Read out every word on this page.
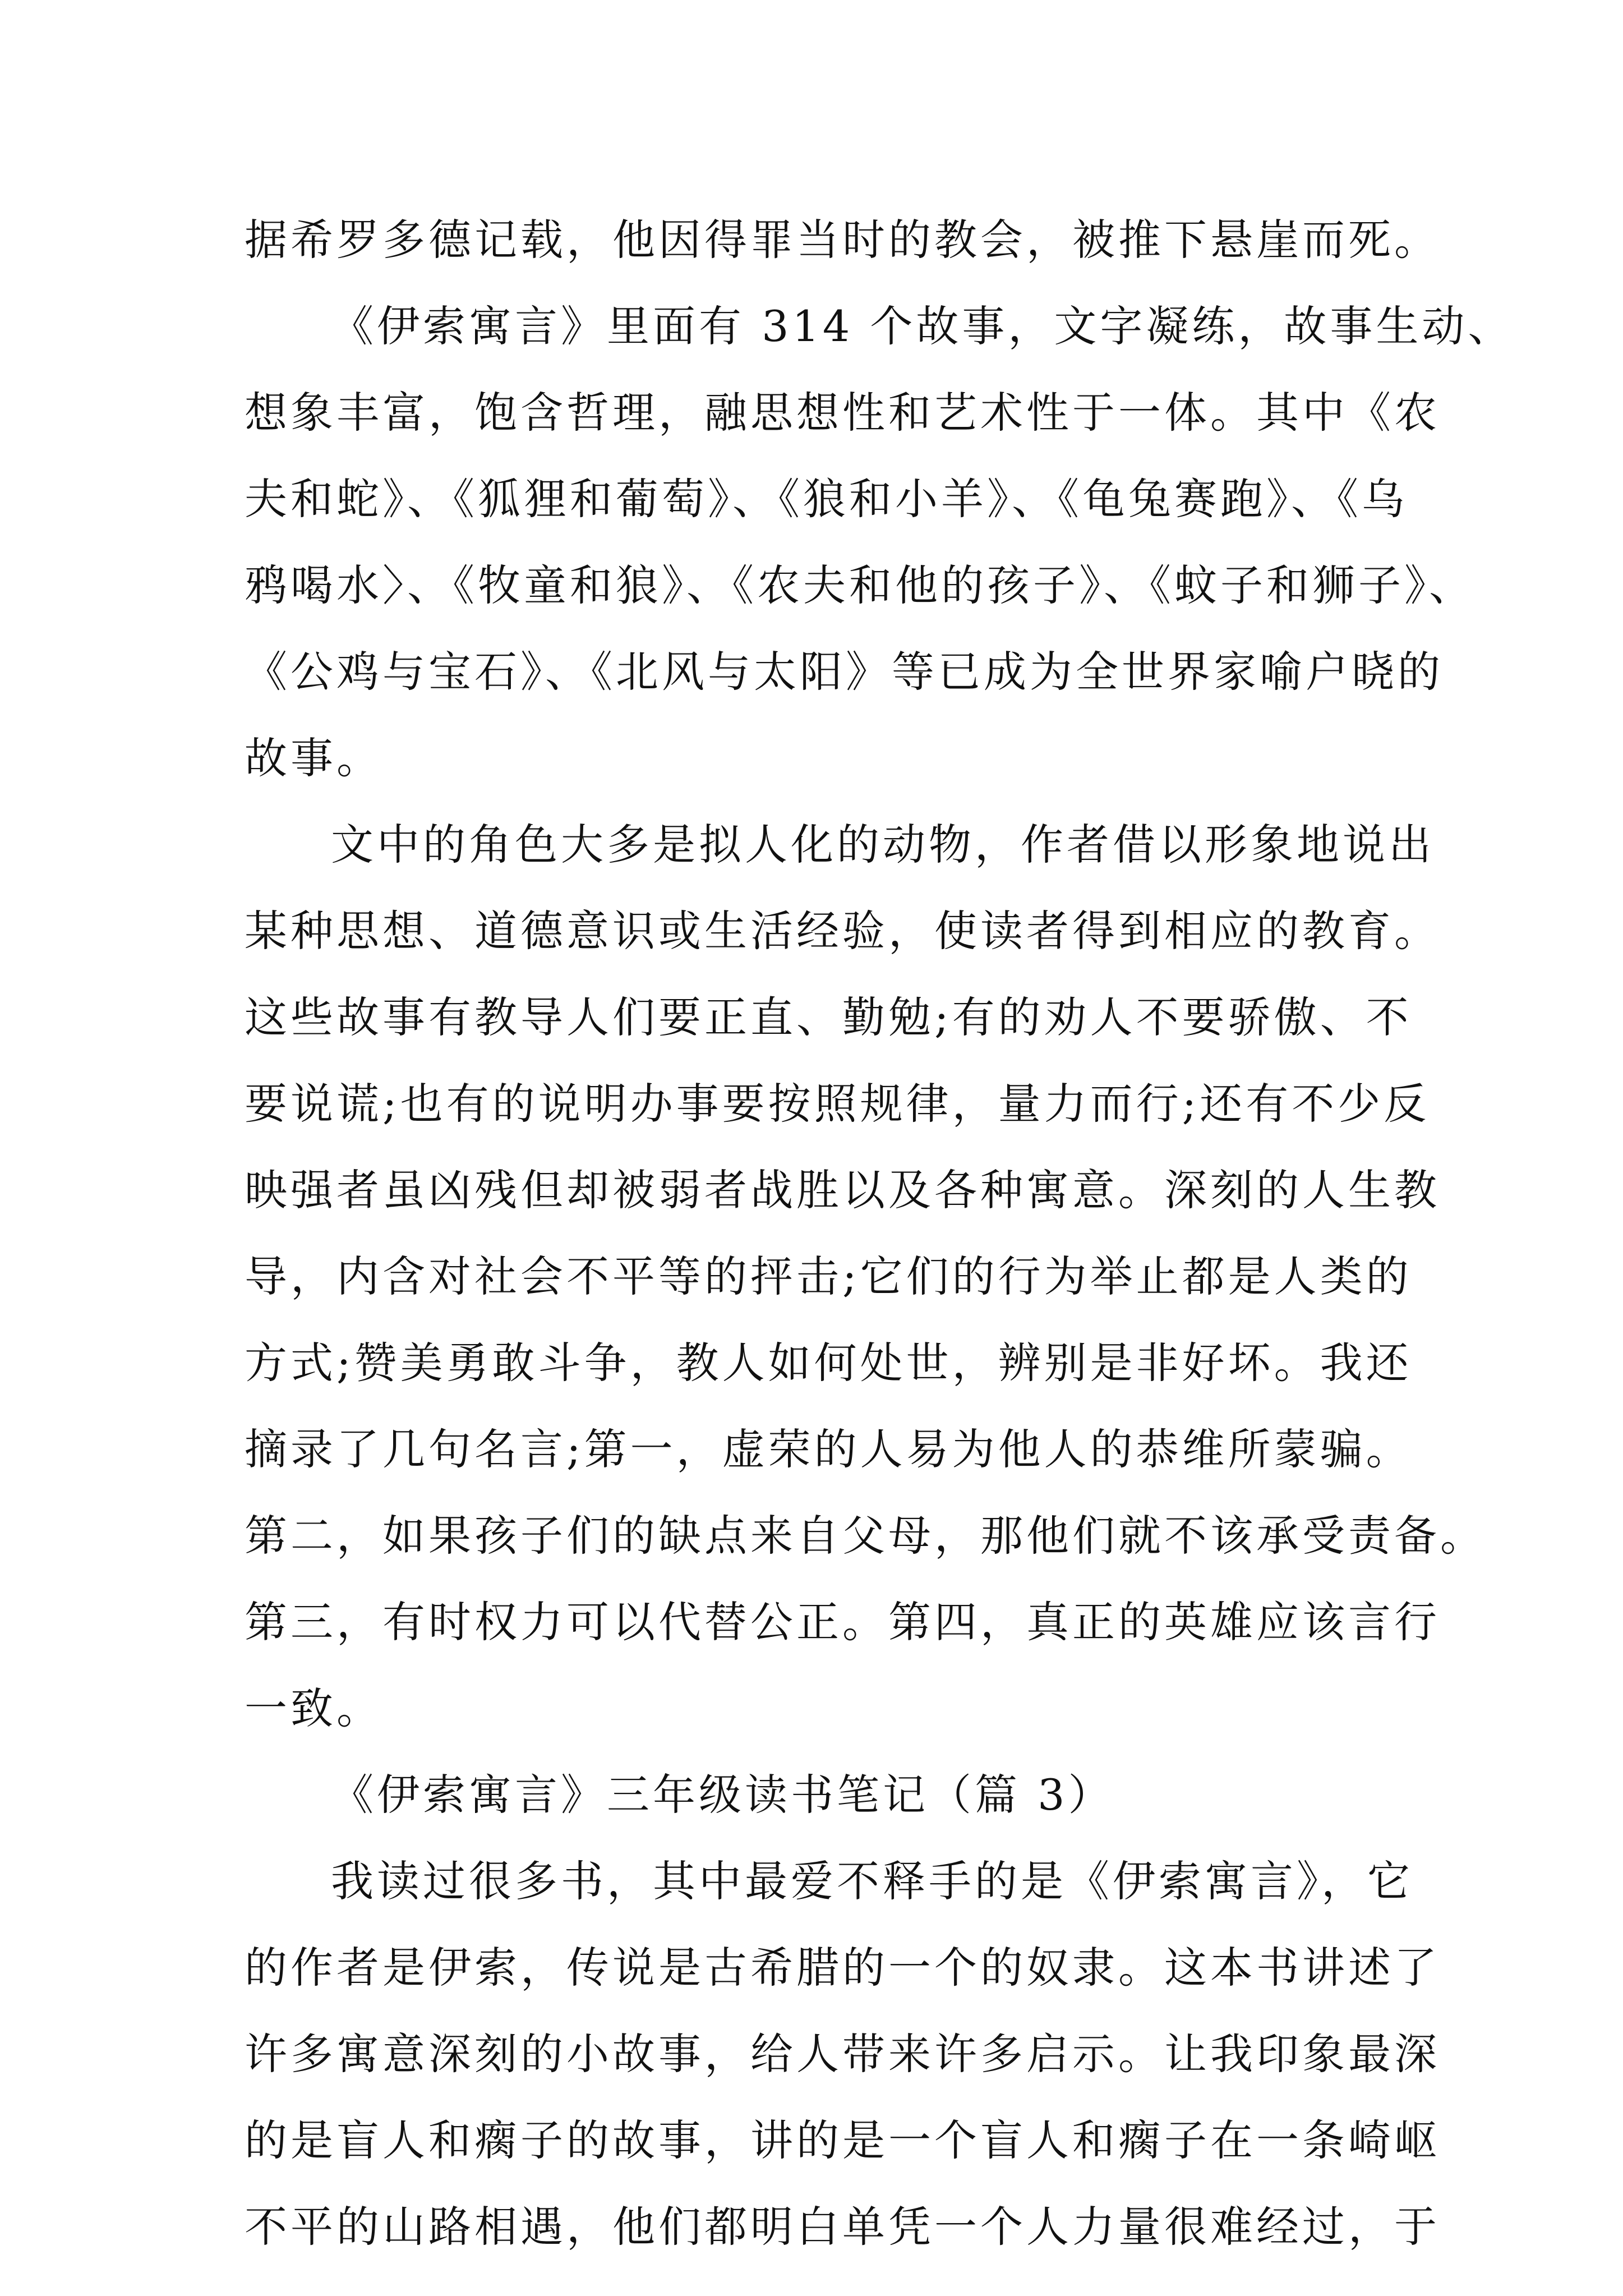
据希罗多德记载，他因得罪当时的教会，被推下悬崖而死。
《伊索寓言》里面有 314 个故事，文字凝练，故事生动、
想象丰富，饱含哲理，融思想性和艺术性于一体。其中《农
夫和蛇》、《狐狸和葡萄》、《狼和小羊》、《龟兔赛跑》、《乌
鸦喝水〉、《牧童和狼》、《农夫和他的孩子》、《蚊子和狮子》、
《公鸡与宝石》、《北风与太阳》等已成为全世界家喻户晓的
故事。
文中的角色大多是拟人化的动物，作者借以形象地说出
某种思想、道德意识或生活经验，使读者得到相应的教育。
这些故事有教导人们要正直、勤勉;有的劝人不要骄傲、不
要说谎;也有的说明办事要按照规律，量力而行;还有不少反
映强者虽凶残但却被弱者战胜以及各种寓意。深刻的人生教
导，内含对社会不平等的抨击;它们的行为举止都是人类的
方式;赞美勇敢斗争，教人如何处世，辨别是非好坏。我还
摘录了几句名言;第一，虚荣的人易为他人的恭维所蒙骗。
第二，如果孩子们的缺点来自父母，那他们就不该承受责备。
第三，有时权力可以代替公正。第四，真正的英雄应该言行
一致。
《伊索寓言》三年级读书笔记（篇 3）
我读过很多书，其中最爱不释手的是《伊索寓言》，它
的作者是伊索，传说是古希腊的一个的奴隶。这本书讲述了
许多寓意深刻的小故事，给人带来许多启示。让我印象最深
的是盲人和瘸子的故事，讲的是一个盲人和瘸子在一条崎岖
不平的山路相遇，他们都明白单凭一个人力量很难经过，于
